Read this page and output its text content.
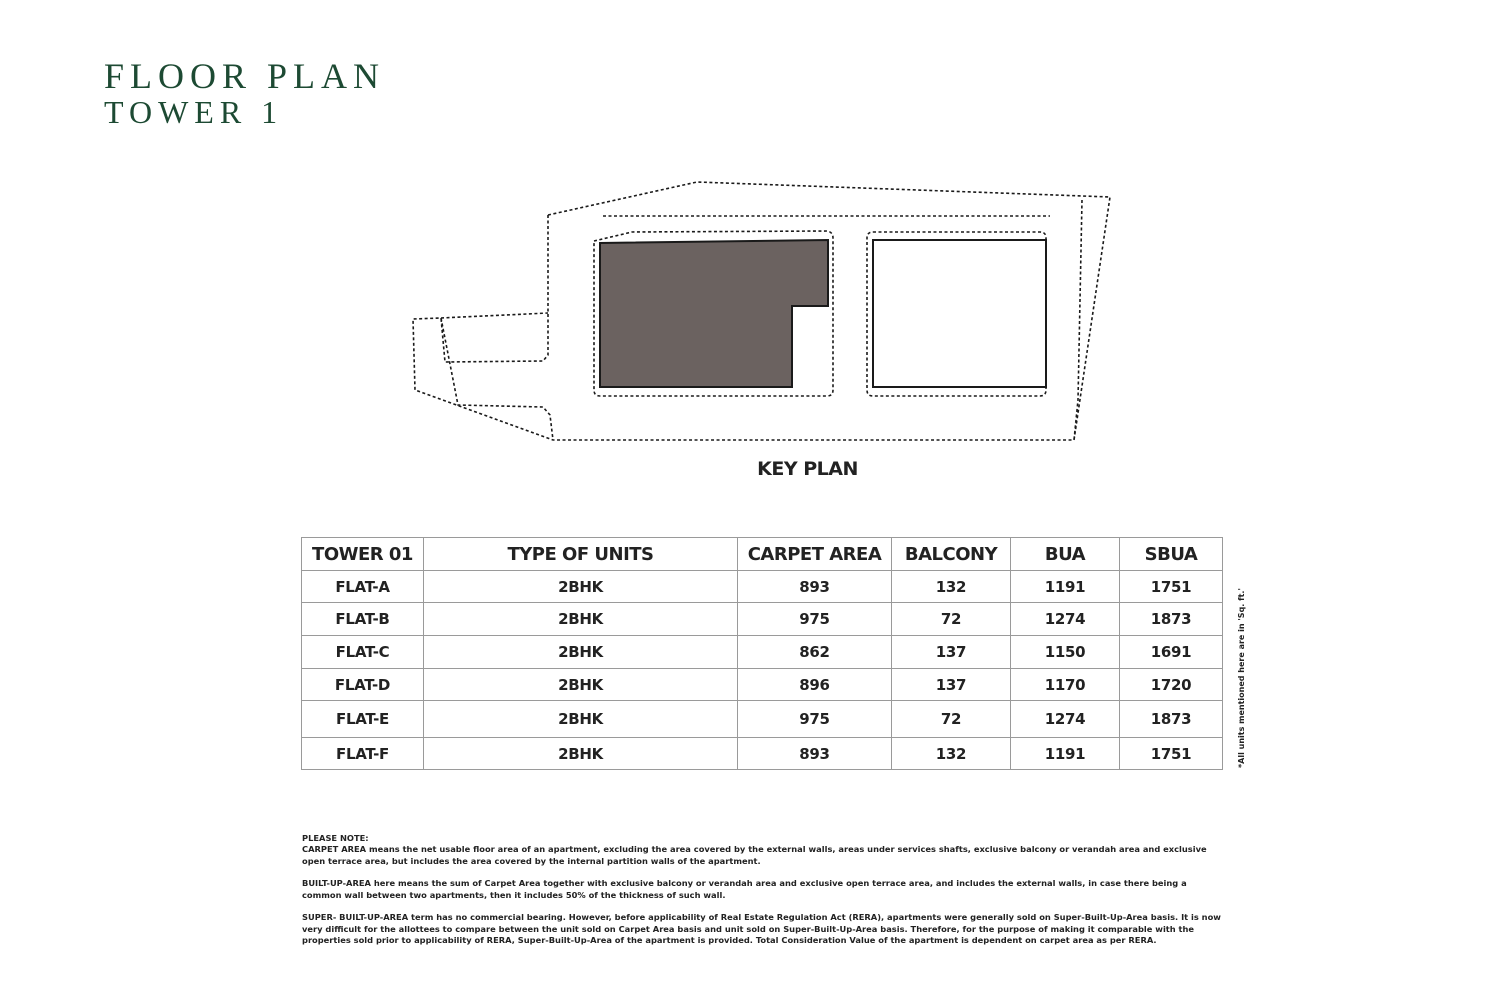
FLOOR PLAN
TOWER 1
KEY PLAN
TOWER 01	TYPE OF UNITS	CARPET AREA	BALCONY	BUA	SBUA
FLAT-A	2BHK	893	132	1191	1751
FLAT-B	2BHK	975	72	1274	1873
FLAT-C	2BHK	862	137	1150	1691
FLAT-D	2BHK	896	137	1170	1720
FLAT-E	2BHK	975	72	1274	1873
FLAT-F	2BHK	893	132	1191	1751	*All units mentioned here are in 'Sq. ft.'

PLEASE NOTE:

CARPET AREA means the net usable floor area of an apartment, excluding the area covered by the external walls, areas under services shafts, exclusive balcony or verandah area and exclusive open terrace area, but includes the area covered by the internal partition walls of the apartment.

BUILT-UP-AREA here means the sum of Carpet Area together with exclusive balcony or verandah area and exclusive open terrace area, and includes the external walls, in case there being a common wall between two apartments, then it includes 50% of the thickness of such wall.

SUPER- BUILT-UP-AREA term has no commercial bearing. However, before applicability of Real Estate Regulation Act (RERA), apartments were generally sold on Super-Built-Up-Area basis. It is now very difficult for the allottees to compare between the unit sold on Carpet Area basis and unit sold on Super-Built-Up-Area basis. Therefore, for the purpose of making it comparable with the properties sold prior to applicability of RERA, Super-Built-Up-Area of the apartment is provided. Total Consideration Value of the apartment is dependent on carpet area as per RERA.
